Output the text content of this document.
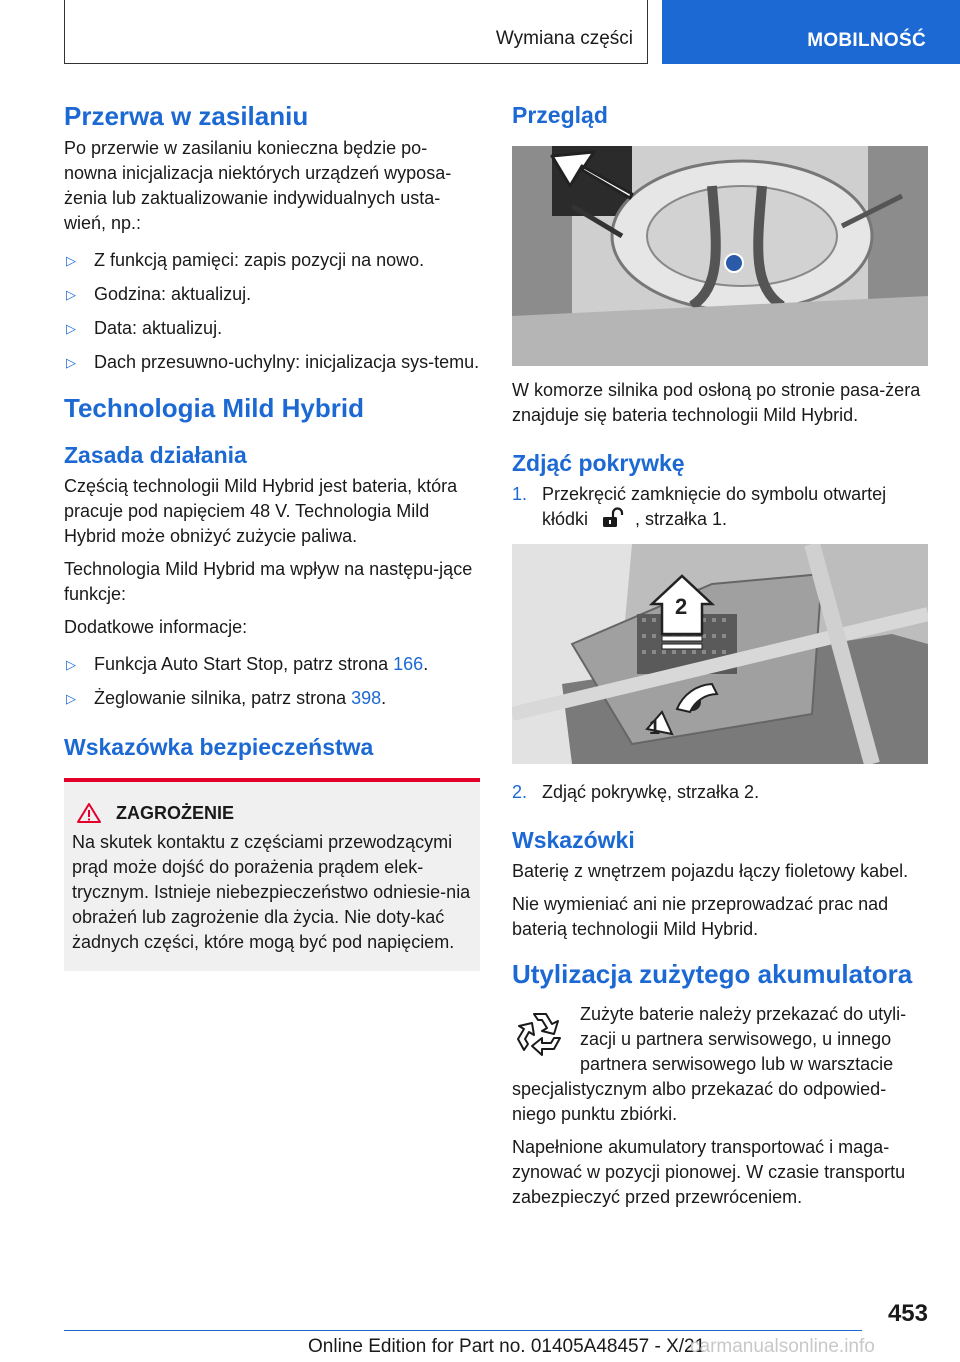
Wymiana części	MOBILNOŚĆ
Przerwa w zasilaniu

Po przerwie w zasilaniu konieczna będzie po-nowna inicjalizacja niektórych urządzeń wyposa-żenia lub zaktualizowanie indywidualnych usta-wień, np.:

▷ Z funkcją pamięci: zapis pozycji na nowo.
▷ Godzina: aktualizuj.
▷ Data: aktualizuj.
▷ Dach przesuwno-uchylny: inicjalizacja sys-temu.
Technologia Mild Hybrid
Zasada działania

Częścią technologii Mild Hybrid jest bateria, która pracuje pod napięciem 48 V. Technologia Mild Hybrid może obniżyć zużycie paliwa.

Technologia Mild Hybrid ma wpływ na następu-jące funkcje:

Dodatkowe informacje:

▷ Funkcja Auto Start Stop, patrz strona 166.
▷ Żeglowanie silnika, patrz strona 398.
Wskazówka bezpieczeństwa
ZAGROŻENIE

Na skutek kontaktu z częściami przewodzącymi prąd może dojść do porażenia prądem elek-trycznym. Istnieje niebezpieczeństwo odniesie-nia obrażeń lub zagrożenie dla życia. Nie doty-kać żadnych części, które mogą być pod napięciem.

Przegląd

W komorze silnika pod osłoną po stronie pasa-żera znajduje się bateria technologii Mild Hybrid.

Zdjąć pokrywkę
1. Przekręcić zamknięcie do symbolu otwartej kłódki , strzałka 1.
2
1
2. Zdjąć pokrywkę, strzałka 2.
Wskazówki

Baterię z wnętrzem pojazdu łączy fioletowy kabel.

Nie wymieniać ani nie przeprowadzać prac nad baterią technologii Mild Hybrid.

Utylizacja zużytego akumulatora

Zużyte baterie należy przekazać do utyli-zacji u partnera serwisowego, u innego partnera serwisowego lub w warsztacie specjalistycznym albo przekazać do odpowied-niego punktu zbiórki.

Napełnione akumulatory transportować i maga-zynować w pozycji pionowej. W czasie transportu zabezpieczyć przed przewróceniem.

453
Online Edition for Part no. 01405A48457 - X/21
carmanualsonline.info
